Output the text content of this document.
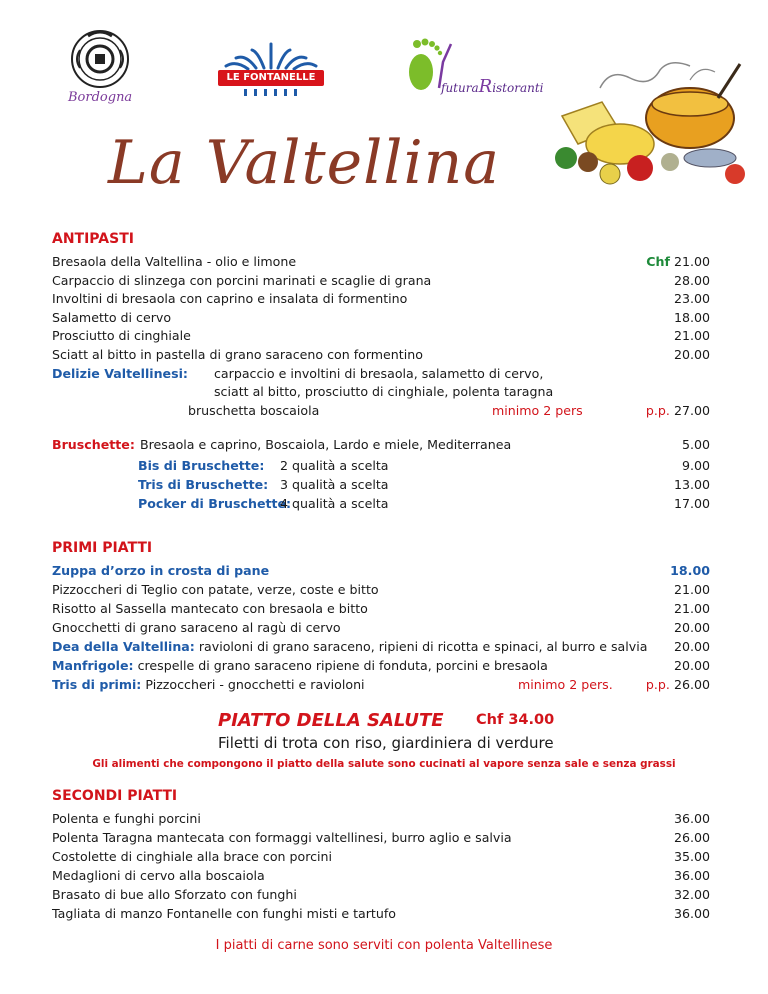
Bordogna
LE FONTANELLE
futuraRistoranti
La Valtellina
ANTIPASTI
Bresaola della Valtellina - olio e limone	Chf 21.00
Carpaccio di slinzega con porcini marinati e scaglie di grana	28.00
Involtini di bresaola con caprino e insalata di formentino	23.00
Salametto di cervo	18.00
Prosciutto di cinghiale	21.00
Sciatt al bitto in pastella di grano saraceno con formentino	20.00
Delizie Valtellinesi: carpaccio e involtini di bresaola, salametto di cervo,
sciatt al bitto, prosciutto di cinghiale, polenta taragna
bruschetta boscaiola	minimo 2 pers	p.p. 27.00
Bruschette: Bresaola e caprino, Boscaiola, Lardo e miele, Mediterranea	5.00
Bis di Bruschette: 2 qualità a scelta	9.00
Tris di Bruschette: 3 qualità a scelta	13.00
Pocker di Bruschette:
4 qualità a scelta	17.00
PRIMI PIATTI
Zuppa d’orzo in crosta di pane	18.00
Pizzoccheri di Teglio con patate, verze, coste e bitto	21.00
Risotto al Sassella mantecato con bresaola e bitto	21.00
Gnocchetti di grano saraceno al ragù di cervo	20.00
Dea della Valtellina: ravioloni di grano saraceno, ripieni di ricotta e spinaci, al burro e salvia 20.00
Manfrigole: crespelle di grano saraceno ripiene di fonduta, porcini e bresaola	20.00
Tris di primi: Pizzoccheri - gnocchetti e ravioloni	minimo 2 pers.	p.p. 26.00
PIATTO DELLA SALUTE Chf 34.00
Filetti di trota con riso, giardiniera di verdure
Gli alimenti che compongono il piatto della salute sono cucinati al vapore senza sale e senza grassi
SECONDI PIATTI
Polenta e funghi porcini	36.00
Polenta Taragna mantecata con formaggi valtellinesi, burro aglio e salvia	26.00
Costolette di cinghiale alla brace con porcini	35.00
Medaglioni di cervo alla boscaiola	36.00
Brasato di bue allo Sforzato con funghi	32.00
Tagliata di manzo Fontanelle con funghi misti e tartufo	36.00
I piatti di carne sono serviti con polenta Valtellinese
